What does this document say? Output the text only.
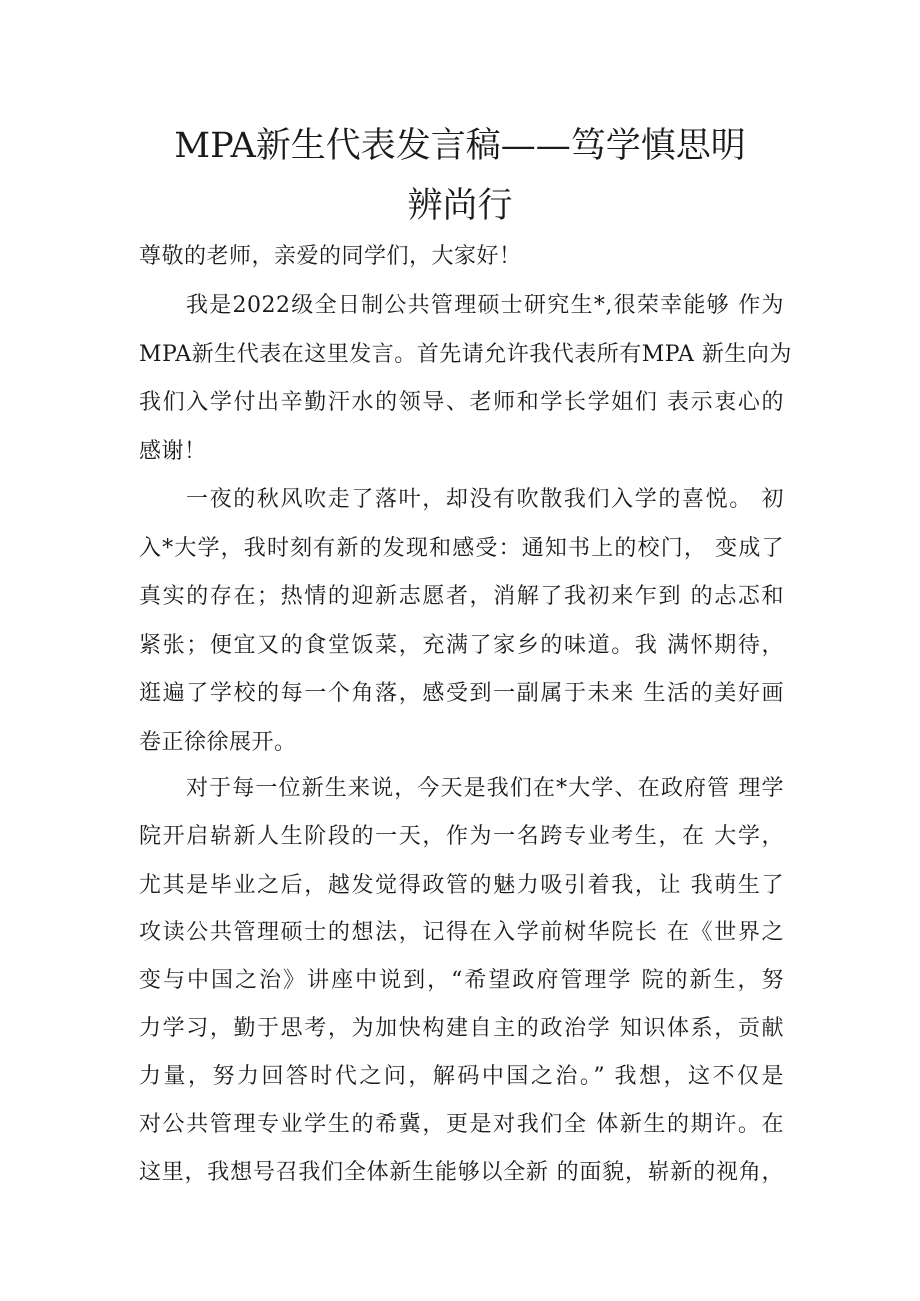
MPA新生代表发言稿——笃学慎思明
辨尚行
尊敬的老师，亲爱的同学们，大家好！
我是2022级全日制公共管理硕士研究生*,很荣幸能够 作为
MPA新生代表在这里发言。首先请允许我代表所有MPA 新生向为
我们入学付出辛勤汗水的领导、老师和学长学姐们 表示衷心的
感谢！
一夜的秋风吹走了落叶，却没有吹散我们入学的喜悦。 初
入*大学，我时刻有新的发现和感受：通知书上的校门， 变成了
真实的存在；热情的迎新志愿者，消解了我初来乍到 的忐忑和
紧张；便宜又的食堂饭菜，充满了家乡的味道。我 满怀期待，
逛遍了学校的每一个角落，感受到一副属于未来 生活的美好画
卷正徐徐展开。
对于每一位新生来说，今天是我们在*大学、在政府管 理学
院开启崭新人生阶段的一天，作为一名跨专业考生，在 大学，
尤其是毕业之后，越发觉得政管的魅力吸引着我，让 我萌生了
攻读公共管理硕士的想法，记得在入学前树华院长 在《世界之
变与中国之治》讲座中说到，“希望政府管理学 院的新生，努
力学习，勤于思考，为加快构建自主的政治学 知识体系，贡献
力量，努力回答时代之问，解码中国之治。” 我想，这不仅是
对公共管理专业学生的希冀，更是对我们全 体新生的期许。在
这里，我想号召我们全体新生能够以全新 的面貌，崭新的视角，
